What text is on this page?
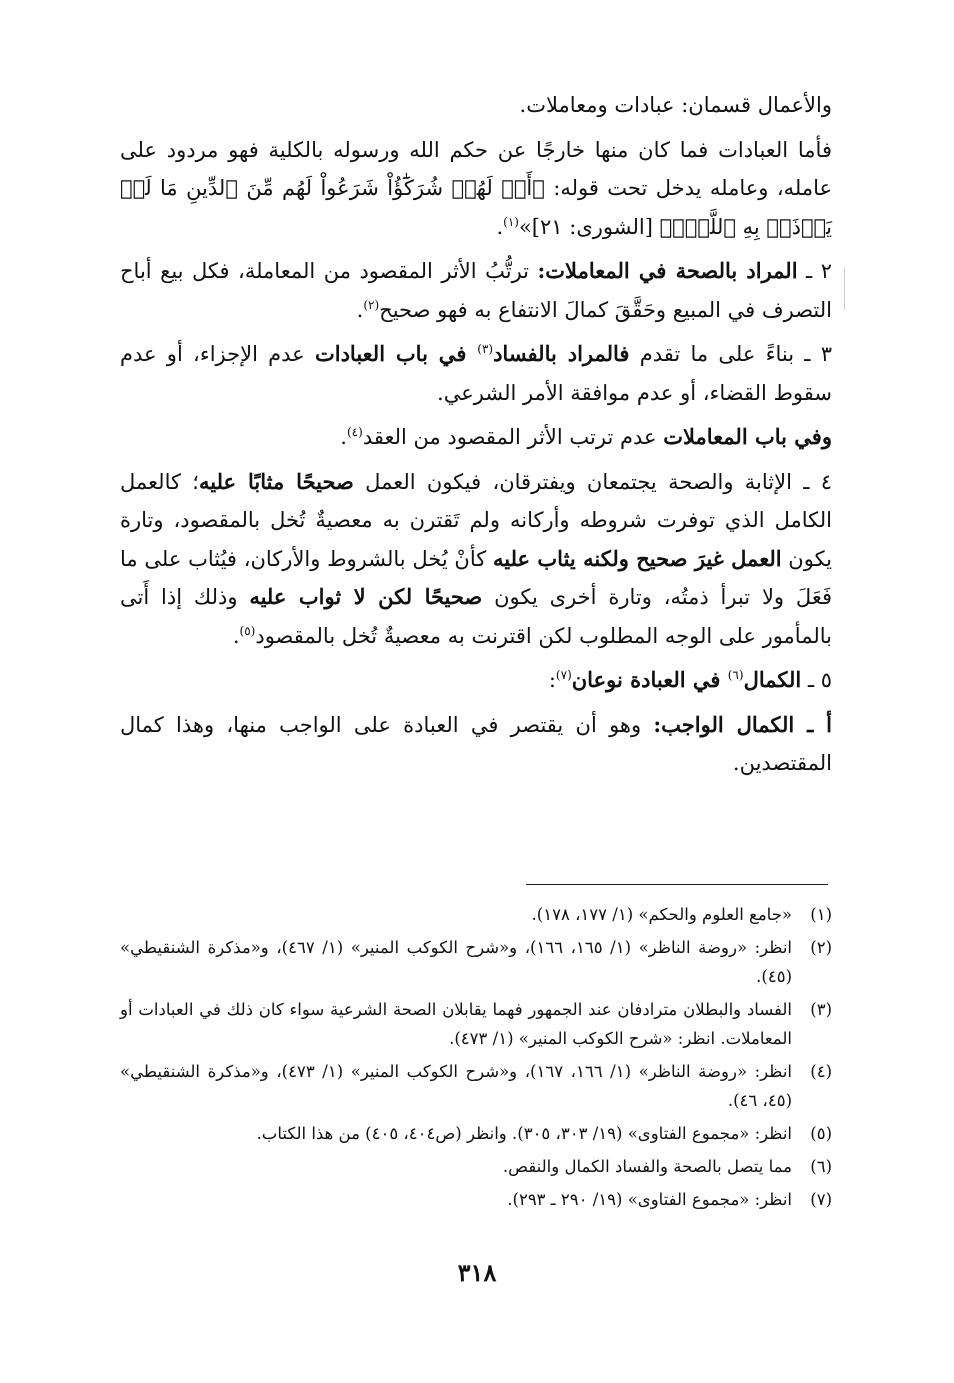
والأعمال قسمان: عبادات ومعاملات.

فأما العبادات فما كان منها خارجًا عن حكم الله ورسوله بالكلية فهو مردود على عامله، وعامله يدخل تحت قوله: ﴿أَمۡ لَهُمۡ شُرَكَٰٓؤُاْ شَرَعُواْ لَهُم مِّنَ ٱلدِّينِ مَا لَمۡ يَأۡذَنۢ بِهِ ٱللَّهُۚ﴾ [الشورى: ٢١]»$^{(١)}$.

٢ ـ المراد بالصحة في المعاملات: ترتُّبُ الأثر المقصود من المعاملة، فكل بيع أباح التصرف في المبيع وحَقَّقَ كمالَ الانتفاع به فهو صحيح$^{(٢)}$.

٣ ـ بناءً على ما تقدم فالمراد بالفساد$^{(٣)}$ في باب العبادات عدم الإجزاء، أو عدم سقوط القضاء، أو عدم موافقة الأمر الشرعي.

وفي باب المعاملات عدم ترتب الأثر المقصود من العقد$^{(٤)}$.

٤ ـ الإثابة والصحة يجتمعان ويفترقان، فيكون العمل صحيحًا مثابًا عليه؛ كالعمل الكامل الذي توفرت شروطه وأركانه ولم تَقترن به معصيةٌ تُخل بالمقصود، وتارة يكون العمل غيرَ صحيح ولكنه يثاب عليه كأنْ يُخل بالشروط والأركان، فيُثاب على ما فَعَلَ ولا تبرأ ذمتُه، وتارة أخرى يكون صحيحًا لكن لا ثواب عليه وذلك إذا أَتى بالمأمور على الوجه المطلوب لكن اقترنت به معصيةٌ تُخل بالمقصود$^{(٥)}$.

٥ ـ الكمال$^{(٦)}$ في العبادة نوعان$^{(٧)}$:

أ ـ الكمال الواجب: وهو أن يقتصر في العبادة على الواجب منها، وهذا كمال المقتصدين.

(١)
«جامع العلوم والحكم» (١/ ١٧٧، ١٧٨).
(٢)
انظر: «روضة الناظر» (١/ ١٦٥، ١٦٦)، و«شرح الكوكب المنير» (١/ ٤٦٧)، و«مذكرة الشنقيطي» (٤٥).
(٣)
الفساد والبطلان مترادفان عند الجمهور فهما يقابلان الصحة الشرعية سواء كان ذلك في العبادات أو المعاملات. انظر: «شرح الكوكب المنير» (١/ ٤٧٣).
(٤)
انظر: «روضة الناظر» (١/ ١٦٦، ١٦٧)، و«شرح الكوكب المنير» (١/ ٤٧٣)، و«مذكرة الشنقيطي» (٤٥، ٤٦).
(٥)
انظر: «مجموع الفتاوى» (١٩/ ٣٠٣، ٣٠٥). وانظر (ص٤٠٤، ٤٠٥) من هذا الكتاب.
(٦)
مما يتصل بالصحة والفساد الكمال والنقص.
(٧)
انظر: «مجموع الفتاوى» (١٩/ ٢٩٠ ـ ٢٩٣).
٣١٨
